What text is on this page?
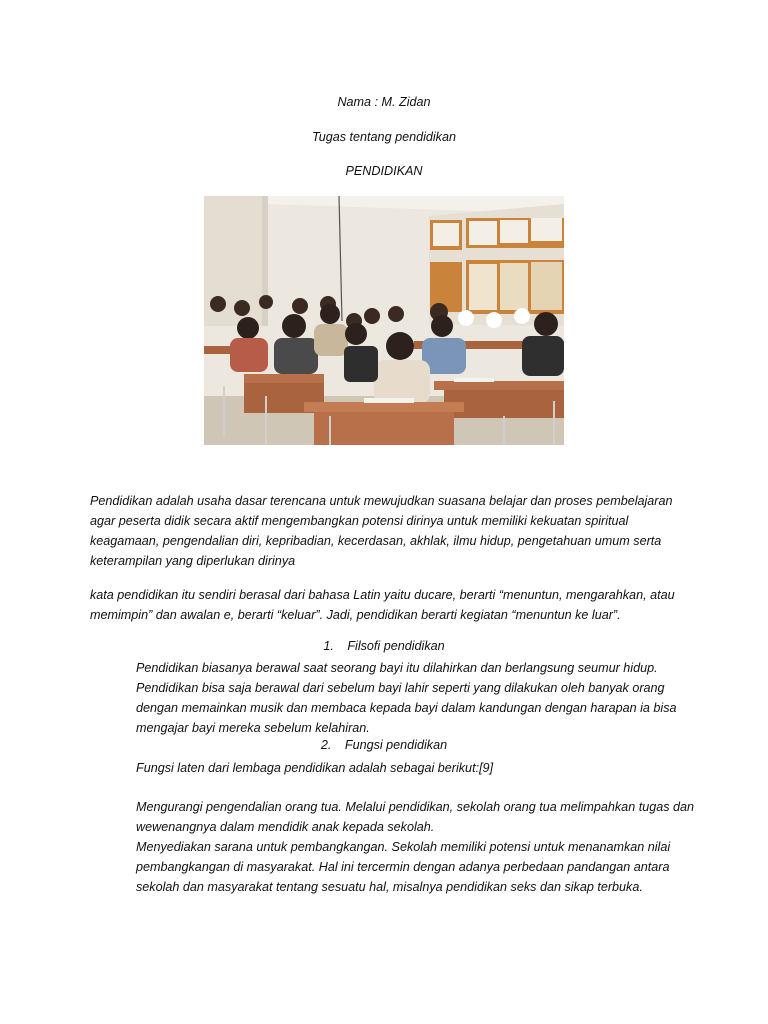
Nama : M. Zidan
Tugas tentang pendidikan
PENDIDIKAN
Pendidikan adalah usaha dasar terencana untuk mewujudkan suasana belajar dan proses pembelajaran agar peserta didik secara aktif mengembangkan potensi dirinya untuk memiliki kekuatan spiritual keagamaan, pengendalian diri, kepribadian, kecerdasan, akhlak, ilmu hidup, pengetahuan umum serta keterampilan yang diperlukan dirinya
kata pendidikan itu sendiri berasal dari bahasa Latin yaitu ducare, berarti “menuntun, mengarahkan, atau memimpin” dan awalan e, berarti “keluar”. Jadi, pendidikan berarti kegiatan “menuntun ke luar”.
1. Filsofi pendidikan
Pendidikan biasanya berawal saat seorang bayi itu dilahirkan dan berlangsung seumur hidup. Pendidikan bisa saja berawal dari sebelum bayi lahir seperti yang dilakukan oleh banyak orang dengan memainkan musik dan membaca kepada bayi dalam kandungan dengan harapan ia bisa mengajar bayi mereka sebelum kelahiran.
2. Fungsi pendidikan
Fungsi laten dari lembaga pendidikan adalah sebagai berikut:[9]
Mengurangi pengendalian orang tua. Melalui pendidikan, sekolah orang tua melimpahkan tugas dan wewenangnya dalam mendidik anak kepada sekolah.
Menyediakan sarana untuk pembangkangan. Sekolah memiliki potensi untuk menanamkan nilai pembangkangan di masyarakat. Hal ini tercermin dengan adanya perbedaan pandangan antara sekolah dan masyarakat tentang sesuatu hal, misalnya pendidikan seks dan sikap terbuka.
